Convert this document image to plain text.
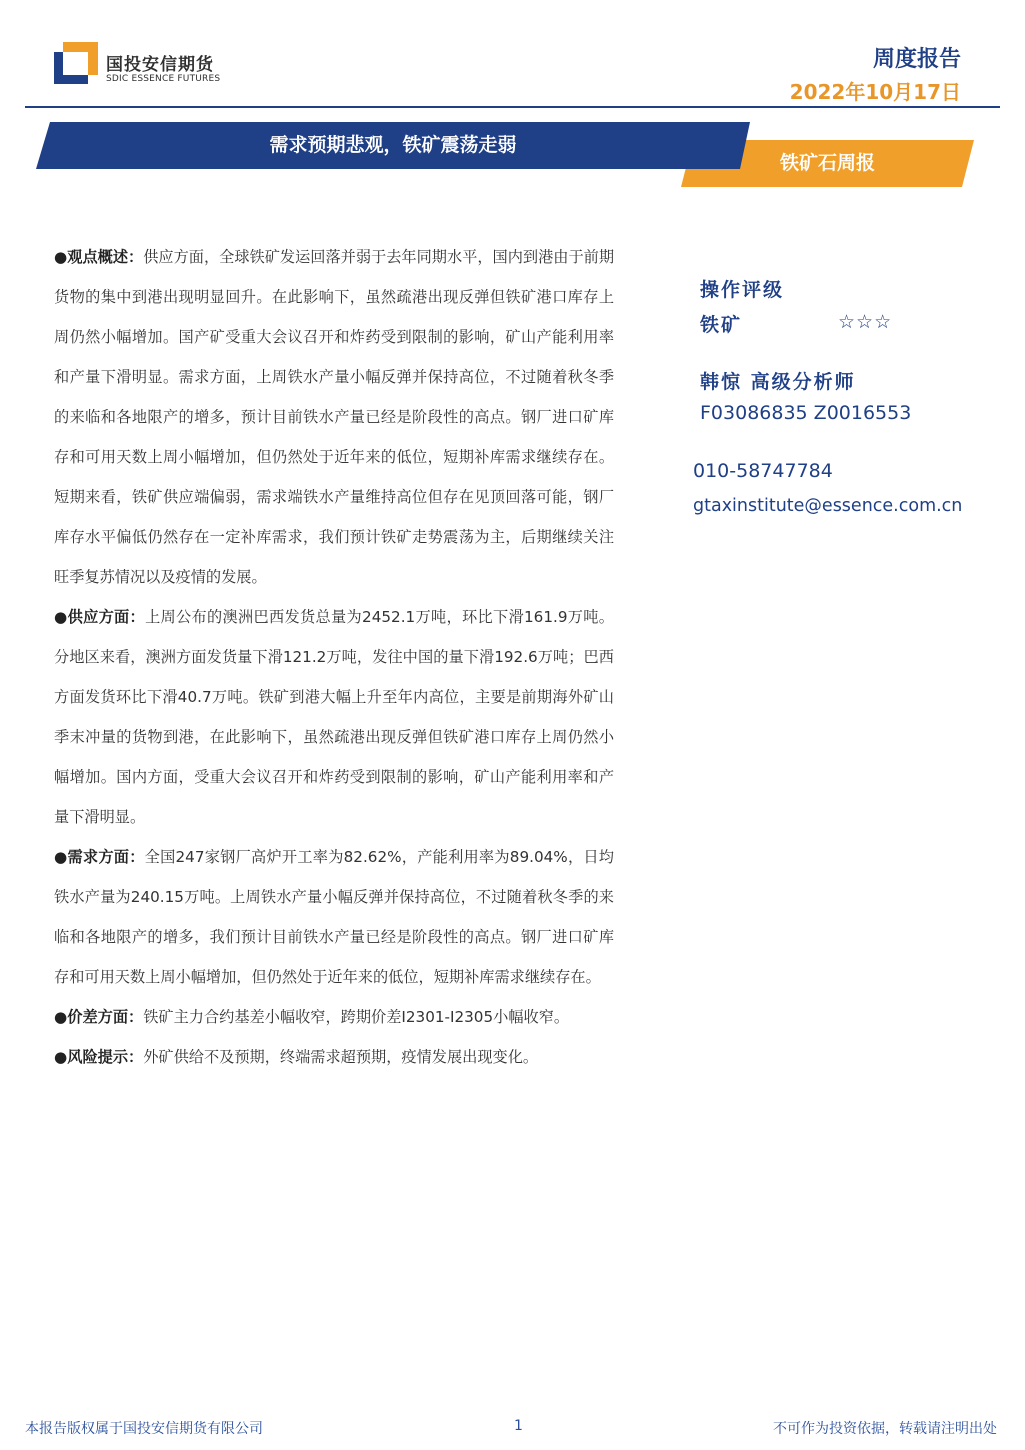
国投安信期货
SDIC ESSENCE FUTURES
周度报告
2022年10月17日
铁矿石周报
需求预期悲观，铁矿震荡走弱

●观点概述：供应方面，全球铁矿发运回落并弱于去年同期水平，国内到港由于前期货物的集中到港出现明显回升。在此影响下，虽然疏港出现反弹但铁矿港口库存上周仍然小幅增加。国产矿受重大会议召开和炸药受到限制的影响，矿山产能利用率和产量下滑明显。需求方面，上周铁水产量小幅反弹并保持高位，不过随着秋冬季的来临和各地限产的增多，预计目前铁水产量已经是阶段性的高点。钢厂进口矿库存和可用天数上周小幅增加，但仍然处于近年来的低位，短期补库需求继续存在。短期来看，铁矿供应端偏弱，需求端铁水产量维持高位但存在见顶回落可能，钢厂库存水平偏低仍然存在一定补库需求，我们预计铁矿走势震荡为主，后期继续关注旺季复苏情况以及疫情的发展。

●供应方面：上周公布的澳洲巴西发货总量为2452.1万吨，环比下滑161.9万吨。分地区来看，澳洲方面发货量下滑121.2万吨，发往中国的量下滑192.6万吨；巴西方面发货环比下滑40.7万吨。铁矿到港大幅上升至年内高位，主要是前期海外矿山季末冲量的货物到港，在此影响下，虽然疏港出现反弹但铁矿港口库存上周仍然小幅增加。国内方面，受重大会议召开和炸药受到限制的影响，矿山产能利用率和产量下滑明显。

●需求方面：全国247家钢厂高炉开工率为82.62%，产能利用率为89.04%，日均铁水产量为240.15万吨。上周铁水产量小幅反弹并保持高位，不过随着秋冬季的来临和各地限产的增多，我们预计目前铁水产量已经是阶段性的高点。钢厂进口矿库存和可用天数上周小幅增加，但仍然处于近年来的低位，短期补库需求继续存在。

●价差方面：铁矿主力合约基差小幅收窄，跨期价差I2301-I2305小幅收窄。

●风险提示：外矿供给不及预期，终端需求超预期，疫情发展出现变化。

操作评级
铁矿	☆☆☆
韩惊 高级分析师
F03086835 Z0016553
010-58747784
gtaxinstitute@essence.com.cn
本报告版权属于国投安信期货有限公司	1	不可作为投资依据，转载请注明出处
